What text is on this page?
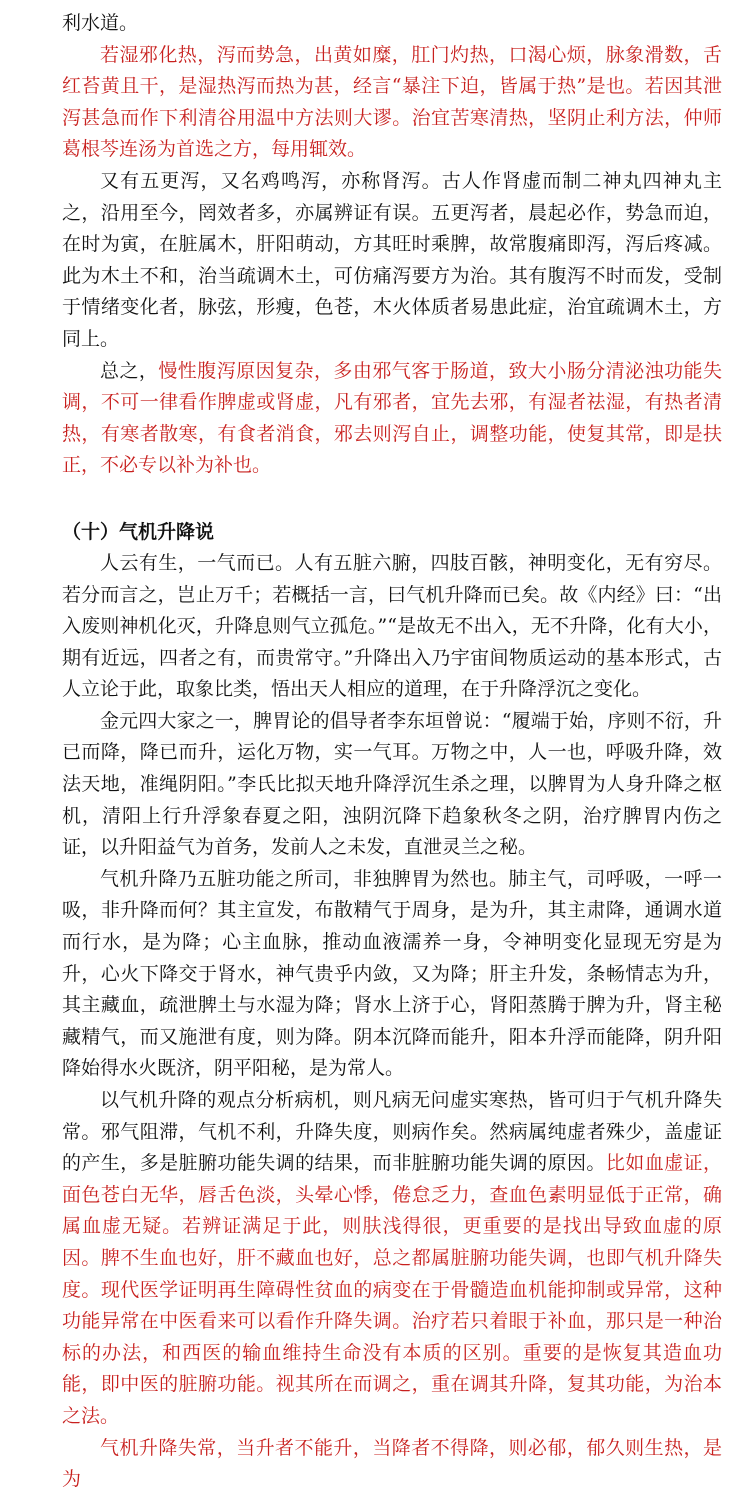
利水道。

若湿邪化热，泻而势急，出黄如糜，肛门灼热，口渴心烦，脉象滑数，舌红苔黄且干，是湿热泻而热为甚，经言“暴注下迫，皆属于热”是也。若因其泄泻甚急而作下利清谷用温中方法则大谬。治宜苦寒清热，坚阴止利方法，仲师葛根芩连汤为首选之方，每用辄效。

又有五更泻，又名鸡鸣泻，亦称肾泻。古人作肾虚而制二神丸四神丸主之，沿用至今，罔效者多，亦属辨证有误。五更泻者，晨起必作，势急而迫，在时为寅，在脏属木，肝阳萌动，方其旺时乘脾，故常腹痛即泻，泻后疼减。此为木土不和，治当疏调木土，可仿痛泻要方为治。其有腹泻不时而发，受制于情绪变化者，脉弦，形瘦，色苍，木火体质者易患此症，治宜疏调木土，方同上。

总之，慢性腹泻原因复杂，多由邪气客于肠道，致大小肠分清泌浊功能失调，不可一律看作脾虚或肾虚，凡有邪者，宜先去邪，有湿者祛湿，有热者清热，有寒者散寒，有食者消食，邪去则泻自止，调整功能，使复其常，即是扶正，不必专以补为补也。

（十）气机升降说

人云有生，一气而已。人有五脏六腑，四肢百骸，神明变化，无有穷尽。若分而言之，岂止万千；若概括一言，曰气机升降而已矣。故《内经》曰：“出入废则神机化灭，升降息则气立孤危。”“是故无不出入，无不升降，化有大小，期有近远，四者之有，而贵常守。”升降出入乃宇宙间物质运动的基本形式，古人立论于此，取象比类，悟出天人相应的道理，在于升降浮沉之变化。

金元四大家之一，脾胃论的倡导者李东垣曾说：“履端于始，序则不衍，升已而降，降已而升，运化万物，实一气耳。万物之中，人一也，呼吸升降，效法天地，准绳阴阳。”李氏比拟天地升降浮沉生杀之理，以脾胃为人身升降之枢机，清阳上行升浮象春夏之阳，浊阴沉降下趋象秋冬之阴，治疗脾胃内伤之证，以升阳益气为首务，发前人之未发，直泄灵兰之秘。

气机升降乃五脏功能之所司，非独脾胃为然也。肺主气，司呼吸，一呼一吸，非升降而何？其主宣发，布散精气于周身，是为升，其主肃降，通调水道而行水，是为降；心主血脉，推动血液濡养一身，令神明变化显现无穷是为升，心火下降交于肾水，神气贵乎内敛，又为降；肝主升发，条畅情志为升，其主藏血，疏泄脾土与水湿为降；肾水上济于心，肾阳蒸腾于脾为升，肾主秘藏精气，而又施泄有度，则为降。阴本沉降而能升，阳本升浮而能降，阴升阳降始得水火既济，阴平阳秘，是为常人。

以气机升降的观点分析病机，则凡病无问虚实寒热，皆可归于气机升降失常。邪气阻滞，气机不利，升降失度，则病作矣。然病属纯虚者殊少，盖虚证的产生，多是脏腑功能失调的结果，而非脏腑功能失调的原因。比如血虚证，面色苍白无华，唇舌色淡，头晕心悸，倦怠乏力，查血色素明显低于正常，确属血虚无疑。若辨证满足于此，则肤浅得很，更重要的是找出导致血虚的原因。脾不生血也好，肝不藏血也好，总之都属脏腑功能失调，也即气机升降失度。现代医学证明再生障碍性贫血的病变在于骨髓造血机能抑制或异常，这种功能异常在中医看来可以看作升降失调。治疗若只着眼于补血，那只是一种治标的办法，和西医的输血维持生命没有本质的区别。重要的是恢复其造血功能，即中医的脏腑功能。视其所在而调之，重在调其升降，复其功能，为治本之法。

气机升降失常，当升者不能升，当降者不得降，则必郁，郁久则生热，是为
